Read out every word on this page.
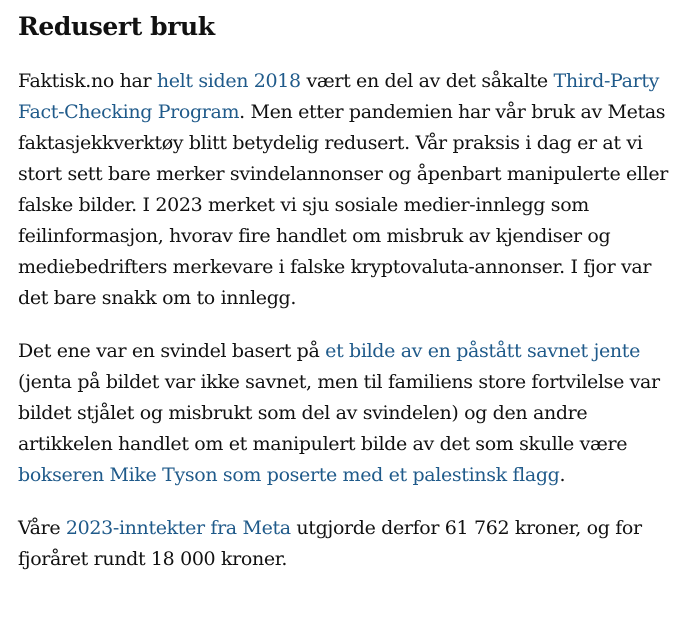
Redusert bruk

Faktisk.no har helt siden 2018 vært en del av det såkalte Third-Party Fact-Checking Program. Men etter pandemien har vår bruk av Metas faktasjekkverktøy blitt betydelig redusert. Vår praksis i dag er at vi stort sett bare merker svindelannonser og åpenbart manipulerte eller falske bilder. I 2023 merket vi sju sosiale medier-innlegg som feilinformasjon, hvorav fire handlet om misbruk av kjendiser og mediebedrifters merkevare i falske kryptovaluta-annonser. I fjor var det bare snakk om to innlegg.

Det ene var en svindel basert på et bilde av en påstått savnet jente (jenta på bildet var ikke savnet, men til familiens store fortvilelse var bildet stjålet og misbrukt som del av svindelen) og den andre artikkelen handlet om et manipulert bilde av det som skulle være bokseren Mike Tyson som poserte med et palestinsk flagg.

Våre 2023-inntekter fra Meta utgjorde derfor 61 762 kroner, og for fjoråret rundt 18 000 kroner.
